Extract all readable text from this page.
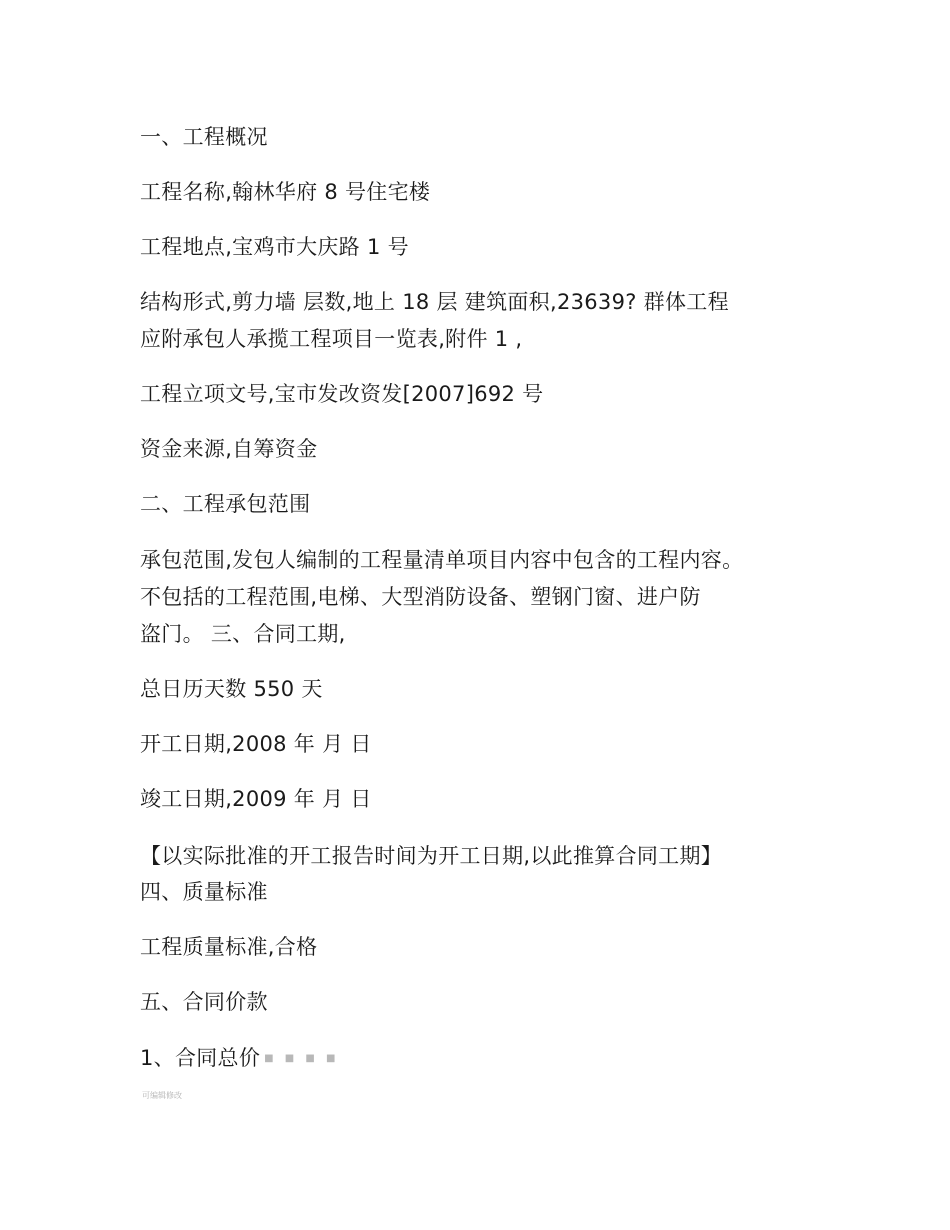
一、工程概况
工程名称,翰林华府 8 号住宅楼
工程地点,宝鸡市大庆路 1 号
结构形式,剪力墙 层数,地上 18 层 建筑面积,23639? 群体工程
应附承包人承揽工程项目一览表,附件 1 ,
工程立项文号,宝市发改资发[2007]692 号
资金来源,自筹资金
二、工程承包范围
承包范围,发包人编制的工程量清单项目内容中包含的工程内容。
不包括的工程范围,电梯、大型消防设备、塑钢门窗、进户防
盗门。 三、合同工期,
总日历天数 550 天
开工日期,2008 年 月 日
竣工日期,2009 年 月 日
【以实际批准的开工报告时间为开工日期,以此推算合同工期】
四、质量标准
工程质量标准,合格
五、合同价款
1、合同总价 ■ ■ ■ ■
可编辑修改
